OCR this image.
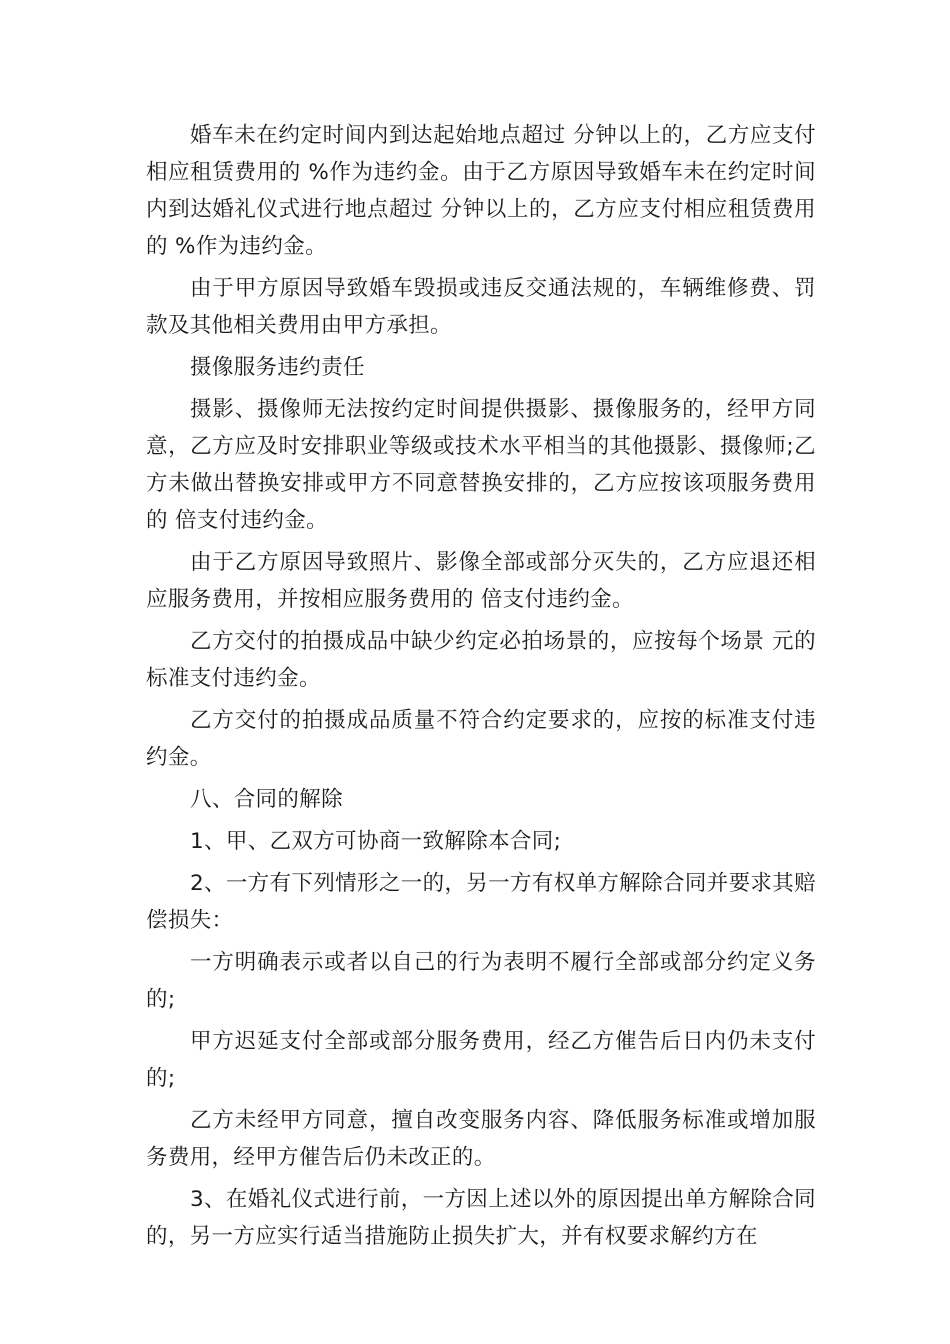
婚车未在约定时间内到达起始地点超过 分钟以上的，乙方应支付相应租赁费用的 %作为违约金。由于乙方原因导致婚车未在约定时间内到达婚礼仪式进行地点超过 分钟以上的，乙方应支付相应租赁费用的 %作为违约金。

由于甲方原因导致婚车毁损或违反交通法规的，车辆维修费、罚款及其他相关费用由甲方承担。

摄像服务违约责任

摄影、摄像师无法按约定时间提供摄影、摄像服务的，经甲方同意，乙方应及时安排职业等级或技术水平相当的其他摄影、摄像师;乙方未做出替换安排或甲方不同意替换安排的，乙方应按该项服务费用的 倍支付违约金。

由于乙方原因导致照片、影像全部或部分灭失的，乙方应退还相应服务费用，并按相应服务费用的 倍支付违约金。

乙方交付的拍摄成品中缺少约定必拍场景的，应按每个场景 元的标准支付违约金。

乙方交付的拍摄成品质量不符合约定要求的，应按的标准支付违约金。

八、合同的解除

1、甲、乙双方可协商一致解除本合同;

2、一方有下列情形之一的，另一方有权单方解除合同并要求其赔偿损失：

一方明确表示或者以自己的行为表明不履行全部或部分约定义务的;

甲方迟延支付全部或部分服务费用，经乙方催告后日内仍未支付的;

乙方未经甲方同意，擅自改变服务内容、降低服务标准或增加服务费用，经甲方催告后仍未改正的。

3、在婚礼仪式进行前，一方因上述以外的原因提出单方解除合同的，另一方应实行适当措施防止损失扩大，并有权要求解约方在
